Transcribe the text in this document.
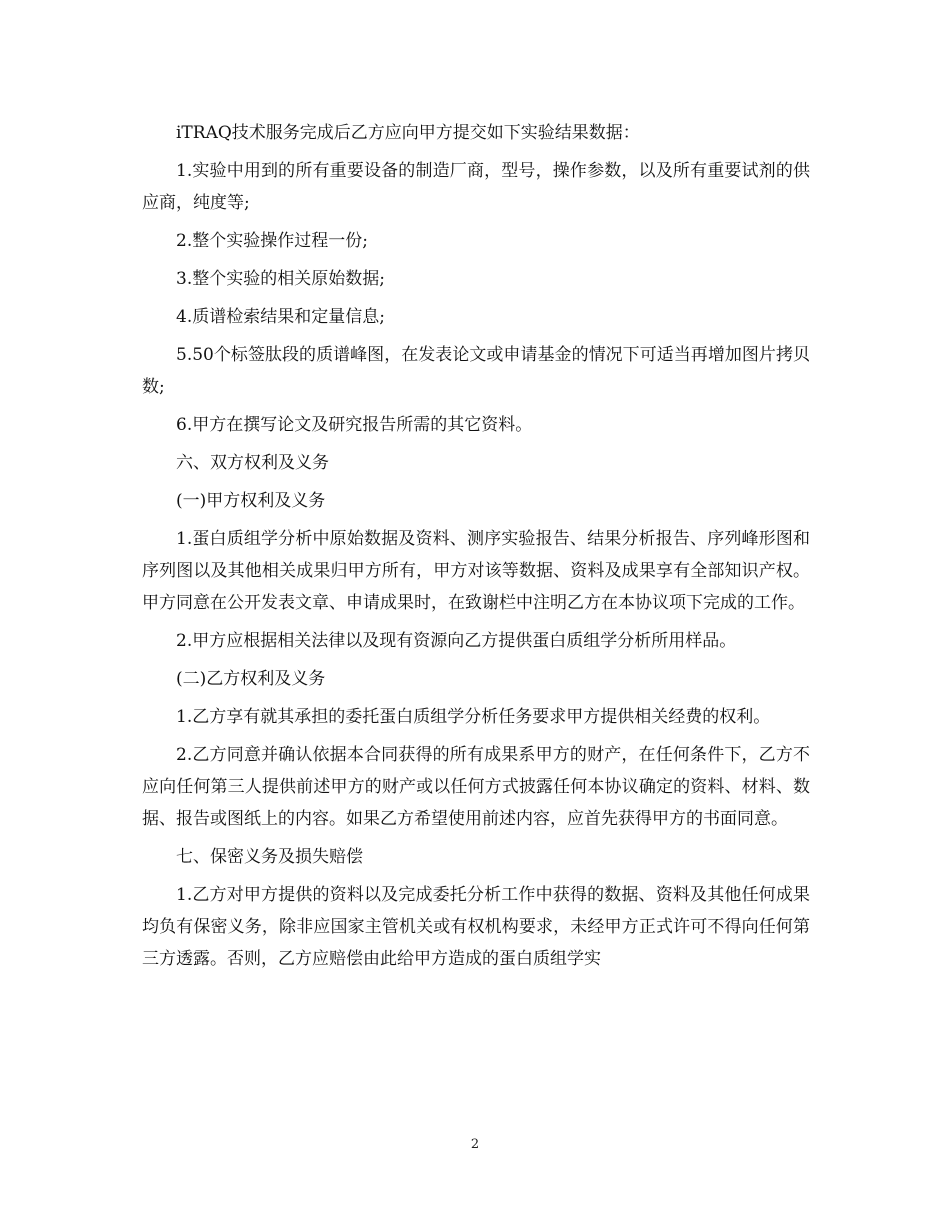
iTRAQ技术服务完成后乙方应向甲方提交如下实验结果数据：

1.实验中用到的所有重要设备的制造厂商，型号，操作参数，以及所有重要试剂的供应商，纯度等;

2.整个实验操作过程一份;

3.整个实验的相关原始数据;

4.质谱检索结果和定量信息;

5.50个标签肽段的质谱峰图，在发表论文或申请基金的情况下可适当再增加图片拷贝数;

6.甲方在撰写论文及研究报告所需的其它资料。

六、双方权利及义务

(一)甲方权利及义务

1.蛋白质组学分析中原始数据及资料、测序实验报告、结果分析报告、序列峰形图和序列图以及其他相关成果归甲方所有，甲方对该等数据、资料及成果享有全部知识产权。甲方同意在公开发表文章、申请成果时，在致谢栏中注明乙方在本协议项下完成的工作。

2.甲方应根据相关法律以及现有资源向乙方提供蛋白质组学分析所用样品。

(二)乙方权利及义务

1.乙方享有就其承担的委托蛋白质组学分析任务要求甲方提供相关经费的权利。

2.乙方同意并确认依据本合同获得的所有成果系甲方的财产，在任何条件下，乙方不应向任何第三人提供前述甲方的财产或以任何方式披露任何本协议确定的资料、材料、数据、报告或图纸上的内容。如果乙方希望使用前述内容，应首先获得甲方的书面同意。

七、保密义务及损失赔偿

1.乙方对甲方提供的资料以及完成委托分析工作中获得的数据、资料及其他任何成果均负有保密义务，除非应国家主管机关或有权机构要求，未经甲方正式许可不得向任何第三方透露。否则，乙方应赔偿由此给甲方造成的蛋白质组学实

2
